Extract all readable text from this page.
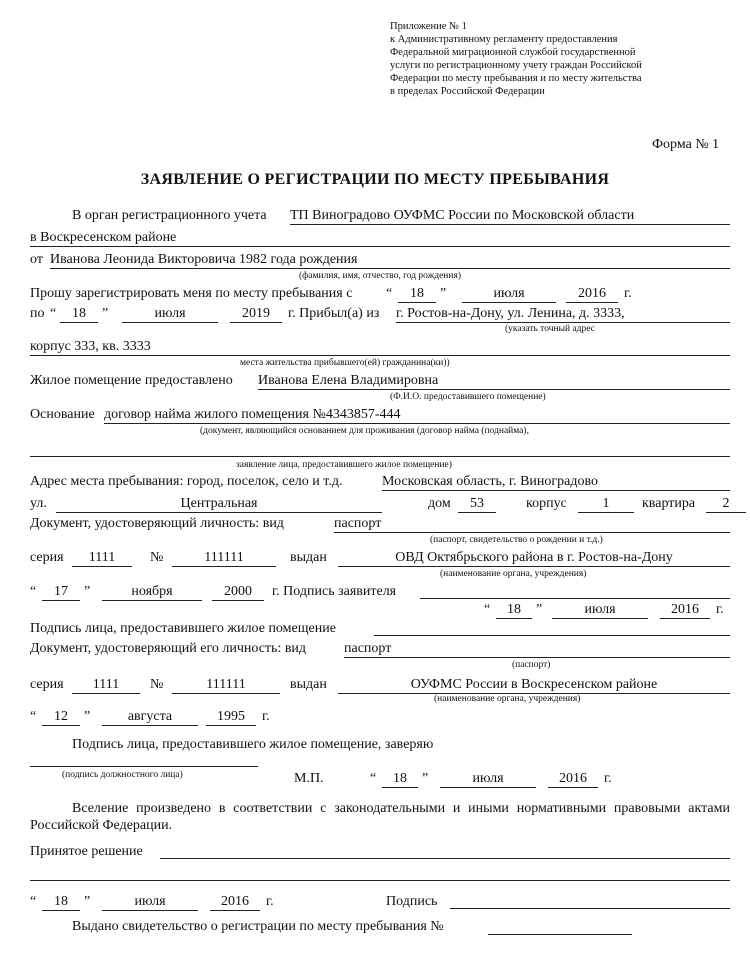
Приложение № 1
к Административному регламенту предоставления
Федеральной миграционной службой государственной
услуги по регистрационному учету граждан Российской
Федерации по месту пребывания и по месту жительства
в пределах Российской Федерации
Форма № 1
ЗАЯВЛЕНИЕ О РЕГИСТРАЦИИ ПО МЕСТУ ПРЕБЫВАНИЯ
В орган регистрационного учета ТП Виноградово ОУФМС России по Московской области
в Воскресенском районе
от Иванова Леонида Викторовича 1982 года рождения
(фамилия, имя, отчество, год рождения)
Прошу зарегистрировать меня по месту пребывания с “	18	”	июля	2016	г.
по “	18	”	июля	2019	г. Прибыл(а) из г. Ростов-на-Дону, ул. Ленина, д. 3333,
(указать точный адрес
корпус 333, кв. 3333
места жительства прибывшего(ей) гражданина(ки))
Жилое помещение предоставлено Иванова Елена Владимировна
(Ф.И.О. предоставившего помещение)
Основание договор найма жилого помещения №4343857-444
(документ, являющийся основанием для проживания (договор найма (поднайма),
заявление лица, предоставившего жилое помещение)
Адрес места пребывания: город, поселок, село и т.д.	Московская область, г. Виноградово
ул.	Центральная	дом	53	корпус	1	квартира	2
Документ, удостоверяющий личность: вид	паспорт
(паспорт, свидетельство о рождении и т.д.)
серия	1111	№	111111	выдан	ОВД Октябрьского района в г. Ростов-на-Дону
(наименование органа, учреждения)
“	17	”	ноября	2000	г. Подпись заявителя
“	18	”	июля	2016	г.
Подпись лица, предоставившего жилое помещение
Документ, удостоверяющий его личность: вид	паспорт
(паспорт)
серия	1111	№	111111	выдан	ОУФМС России в Воскресенском районе
(наименование органа, учреждения)
“	12	”	августа	1995	г.
Подпись лица, предоставившего жилое помещение, заверяю
(подпись должностного лица)	М.П.	“	18	”	июля	2016	г.
Вселение произведено в соответствии с законодательными и иными нормативными правовыми актами Российской Федерации.
Принятое решение
“	18	”	июля	2016	г.	Подпись
Выдано свидетельство о регистрации по месту пребывания №
